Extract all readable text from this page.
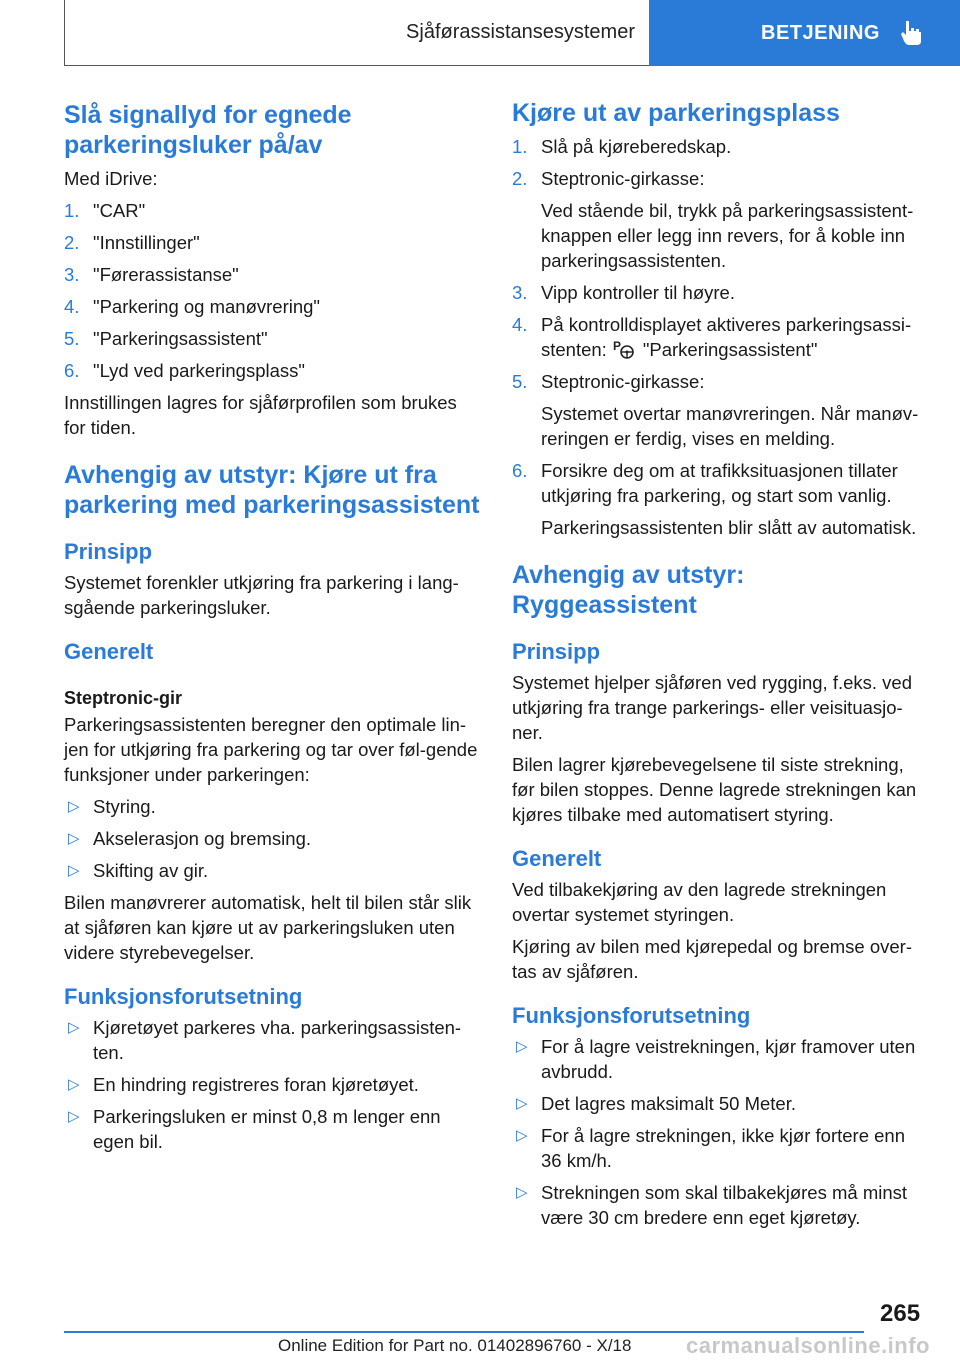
Sjåførassistansesystemer	BETJENING
Slå signallyd for egnede parkeringsluker på/av

Med iDrive:

1. "CAR"
2. "Innstillinger"
3. "Førerassistanse"
4. "Parkering og manøvrering"
5. "Parkeringsassistent"
6. "Lyd ved parkeringsplass"

Innstillingen lagres for sjåførprofilen som brukes for tiden.

Avhengig av utstyr: Kjøre ut fra parkering med parkeringsassistent
Prinsipp

Systemet forenkler utkjøring fra parkering i lang-sgående parkeringsluker.

Generelt
Steptronic-gir

Parkeringsassistenten beregner den optimale lin-jen for utkjøring fra parkering og tar over føl-gende funksjoner under parkeringen:

▷ Styring.
▷ Akselerasjon og bremsing.
▷ Skifting av gir.

Bilen manøvrerer automatisk, helt til bilen står slik at sjåføren kan kjøre ut av parkeringsluken uten videre styrebevegelser.

Funksjonsforutsetning
▷ Kjøretøyet parkeres vha. parkeringsassisten-ten.
▷ En hindring registreres foran kjøretøyet.
▷ Parkeringsluken er minst 0,8 m lenger enn egen bil.
Kjøre ut av parkeringsplass
1. Slå på kjøreberedskap.
2. Steptronic-girkasse:
Ved stående bil, trykk på parkeringsassistent-knappen eller legg inn revers, for å koble inn parkeringsassistenten.
3. Vipp kontroller til høyre.
4. På kontrolldisplayet aktiveres parkeringsassi-stenten: P "Parkeringsassistent"
5. Steptronic-girkasse:
Systemet overtar manøvreringen. Når manøv-reringen er ferdig, vises en melding.
6. Forsikre deg om at trafikksituasjonen tillater utkjøring fra parkering, og start som vanlig.
Parkeringsassistenten blir slått av automatisk.
Avhengig av utstyr: Ryggeassistent
Prinsipp

Systemet hjelper sjåføren ved rygging, f.eks. ved utkjøring fra trange parkerings- eller veisituasjo-ner.

Bilen lagrer kjørebevegelsene til siste strekning, før bilen stoppes. Denne lagrede strekningen kan kjøres tilbake med automatisert styring.

Generelt

Ved tilbakekjøring av den lagrede strekningen overtar systemet styringen.

Kjøring av bilen med kjørepedal og bremse over-tas av sjåføren.

Funksjonsforutsetning
▷ For å lagre veistrekningen, kjør framover uten avbrudd.
▷ Det lagres maksimalt 50 Meter.
▷ For å lagre strekningen, ikke kjør fortere enn 36 km/h.
▷ Strekningen som skal tilbakekjøres må minst være 30 cm bredere enn eget kjøretøy.
265
Online Edition for Part no. 01402896760 - X/18 carmanualsonline.info
